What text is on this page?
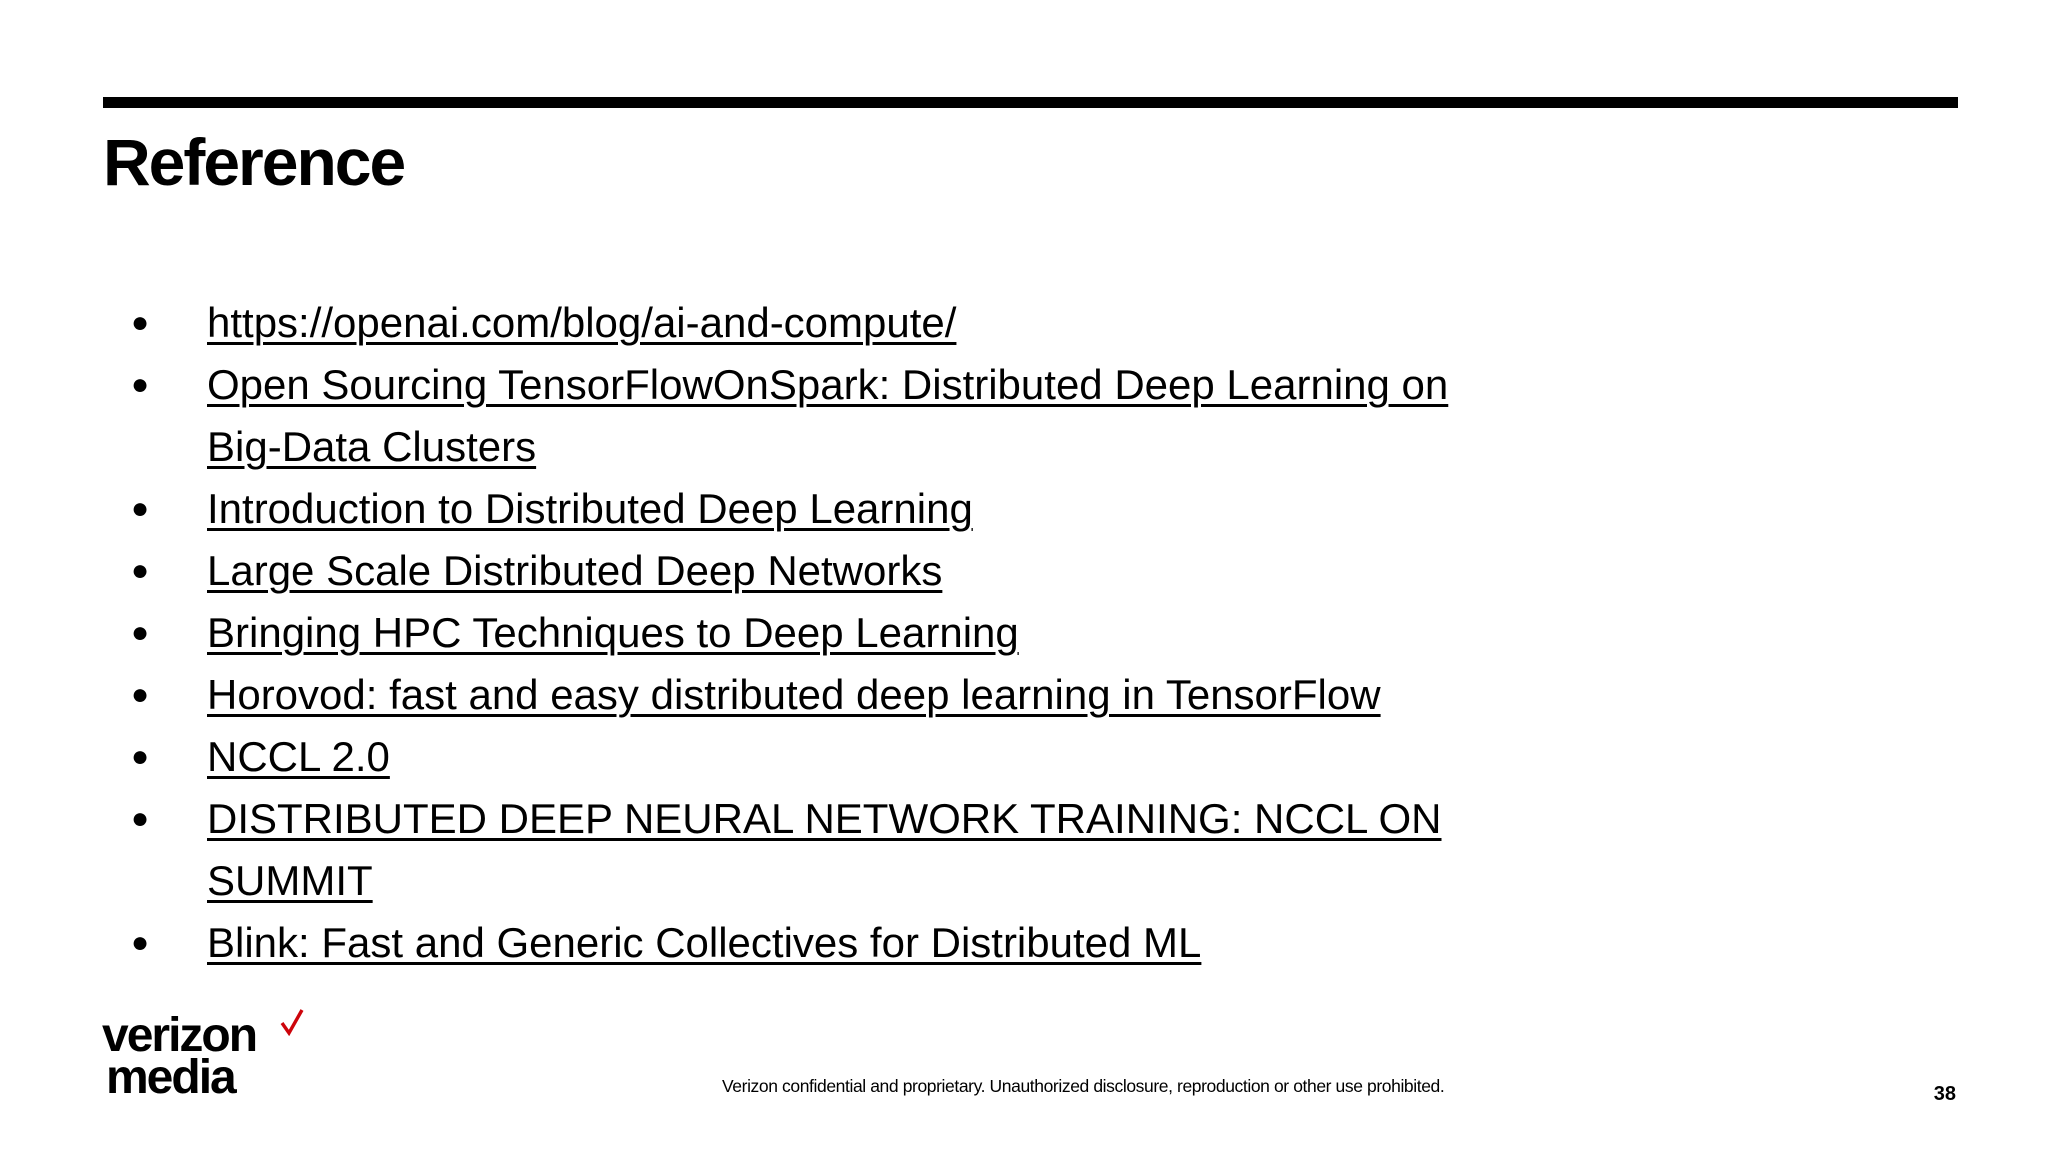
Reference
● https://openai.com/blog/ai-and-compute/
● Open Sourcing TensorFlowOnSpark: Distributed Deep Learning on
Big-Data Clusters
● Introduction to Distributed Deep Learning
● Large Scale Distributed Deep Networks
● Bringing HPC Techniques to Deep Learning
● Horovod: fast and easy distributed deep learning in TensorFlow
● NCCL 2.0
● DISTRIBUTED DEEP NEURAL NETWORK TRAINING: NCCL ON
SUMMIT
● Blink: Fast and Generic Collectives for Distributed ML
verizon
media	Verizon confidential and proprietary. Unauthorized disclosure, reproduction or other use prohibited.	38
